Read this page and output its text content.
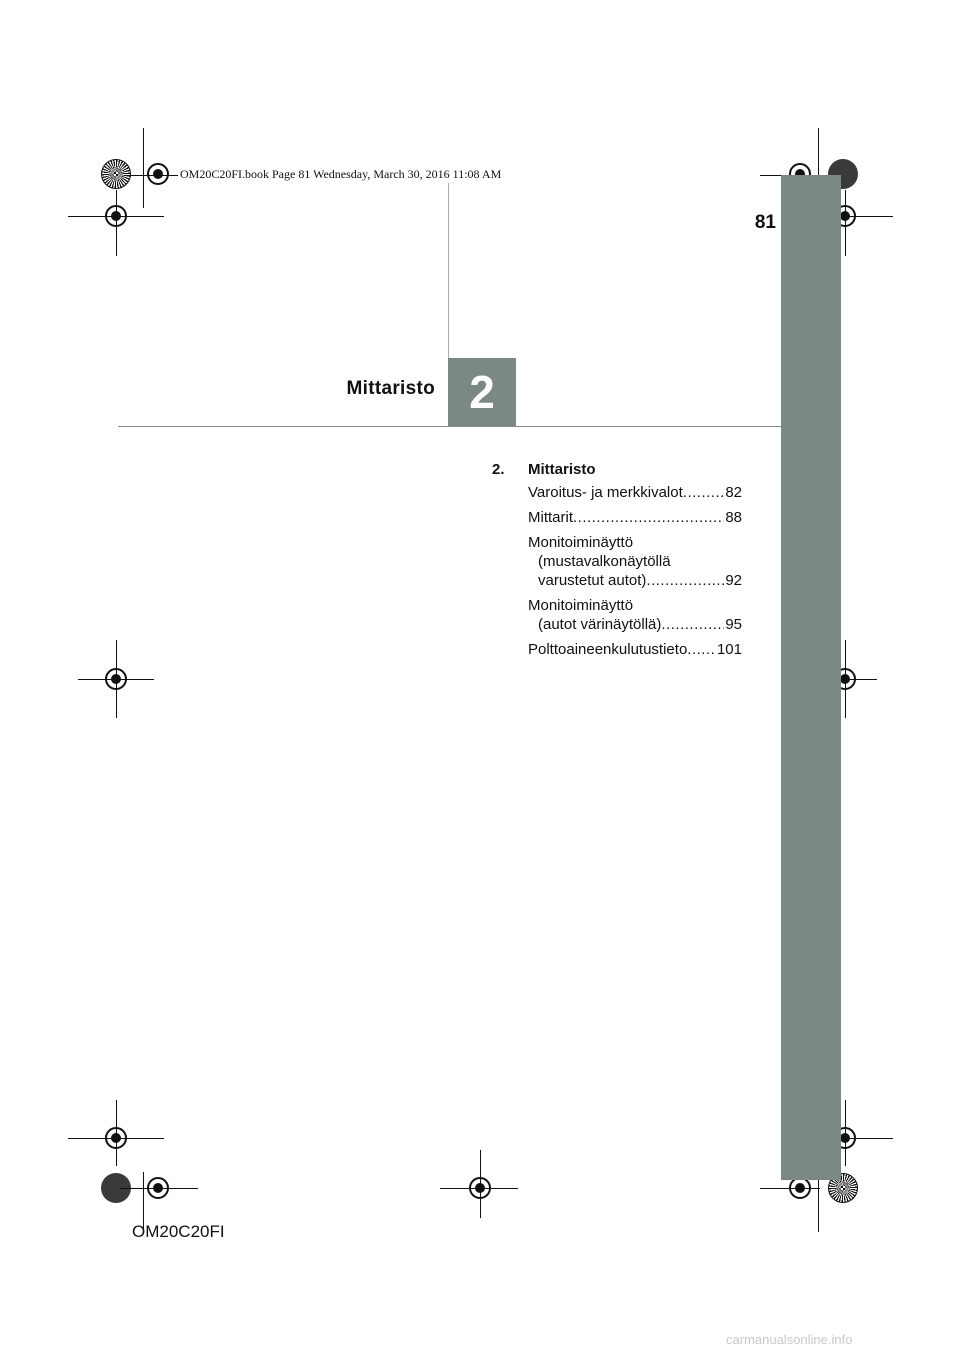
OM20C20FI.book Page 81 Wednesday, March 30, 2016 11:08 AM
81
Mittaristo 2
2. Mittaristo
Varoitus- ja merkkivalot .....	82
Mittarit .....	88
Monitoiminäyttö
(mustavalkonäytöllä
varustetut autot) .....	92
Monitoiminäyttö
(autot värinäytöllä) .....	95
Polttoaineenkulutustieto ..... 101
OM20C20FI
carmanualsonline.info
